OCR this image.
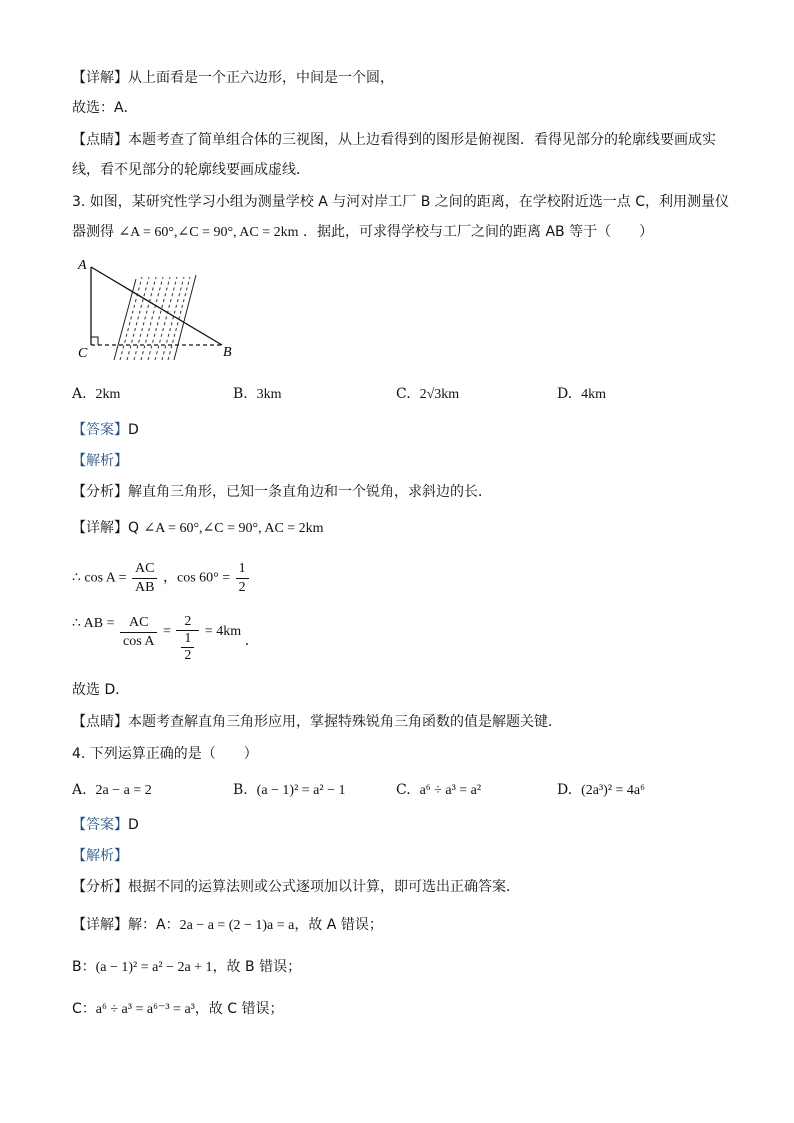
【详解】从上面看是一个正六边形，中间是一个圆，
故选：A．
【点睛】本题考查了简单组合体的三视图，从上边看得到的图形是俯视图．看得见部分的轮廓线要画成实
线，看不见部分的轮廓线要画成虚线．
3. 如图，某研究性学习小组为测量学校 A 与河对岸工厂 B 之间的距离，在学校附近选一点 C，利用测量仪
器测得 ∠A = 60°,∠C = 90°, AC = 2km ．据此，可求得学校与工厂之间的距离 AB 等于（　　）
A
C	B
A. 2km	B. 3km	C. 2√3km	D. 4km
【答案】D
【解析】
【分析】解直角三角形，已知一条直角边和一个锐角，求斜边的长．
【详解】Q ∠A = 60°,∠C = 90°, AC = 2km
∴ $\cos A = \frac{AC}{AB}$ ，$\cos 60^\circ = \frac{1}{2}$
∴ AB = $\frac{AC}{\text{cos A}} = \frac{2}{\frac{1}{2}} = 4km$ ．
故选 D．
【点睛】本题考查解直角三角形应用，掌握特殊锐角三角函数的值是解题关键．
4. 下列运算正确的是（　　）
A. 2a − a = 2	B. (a − 1)² = a² − 1	C. a⁶ ÷ a³ = a²	D. (2a³)² = 4a⁶
【答案】D
【解析】
【分析】根据不同的运算法则或公式逐项加以计算，即可选出正确答案．
【详解】解：A：2a − a = (2 − 1)a = a，故 A 错误；
B：(a − 1)² = a² − 2a + 1，故 B 错误；
C：a⁶ ÷ a³ = a⁶⁻³ = a³，故 C 错误；
